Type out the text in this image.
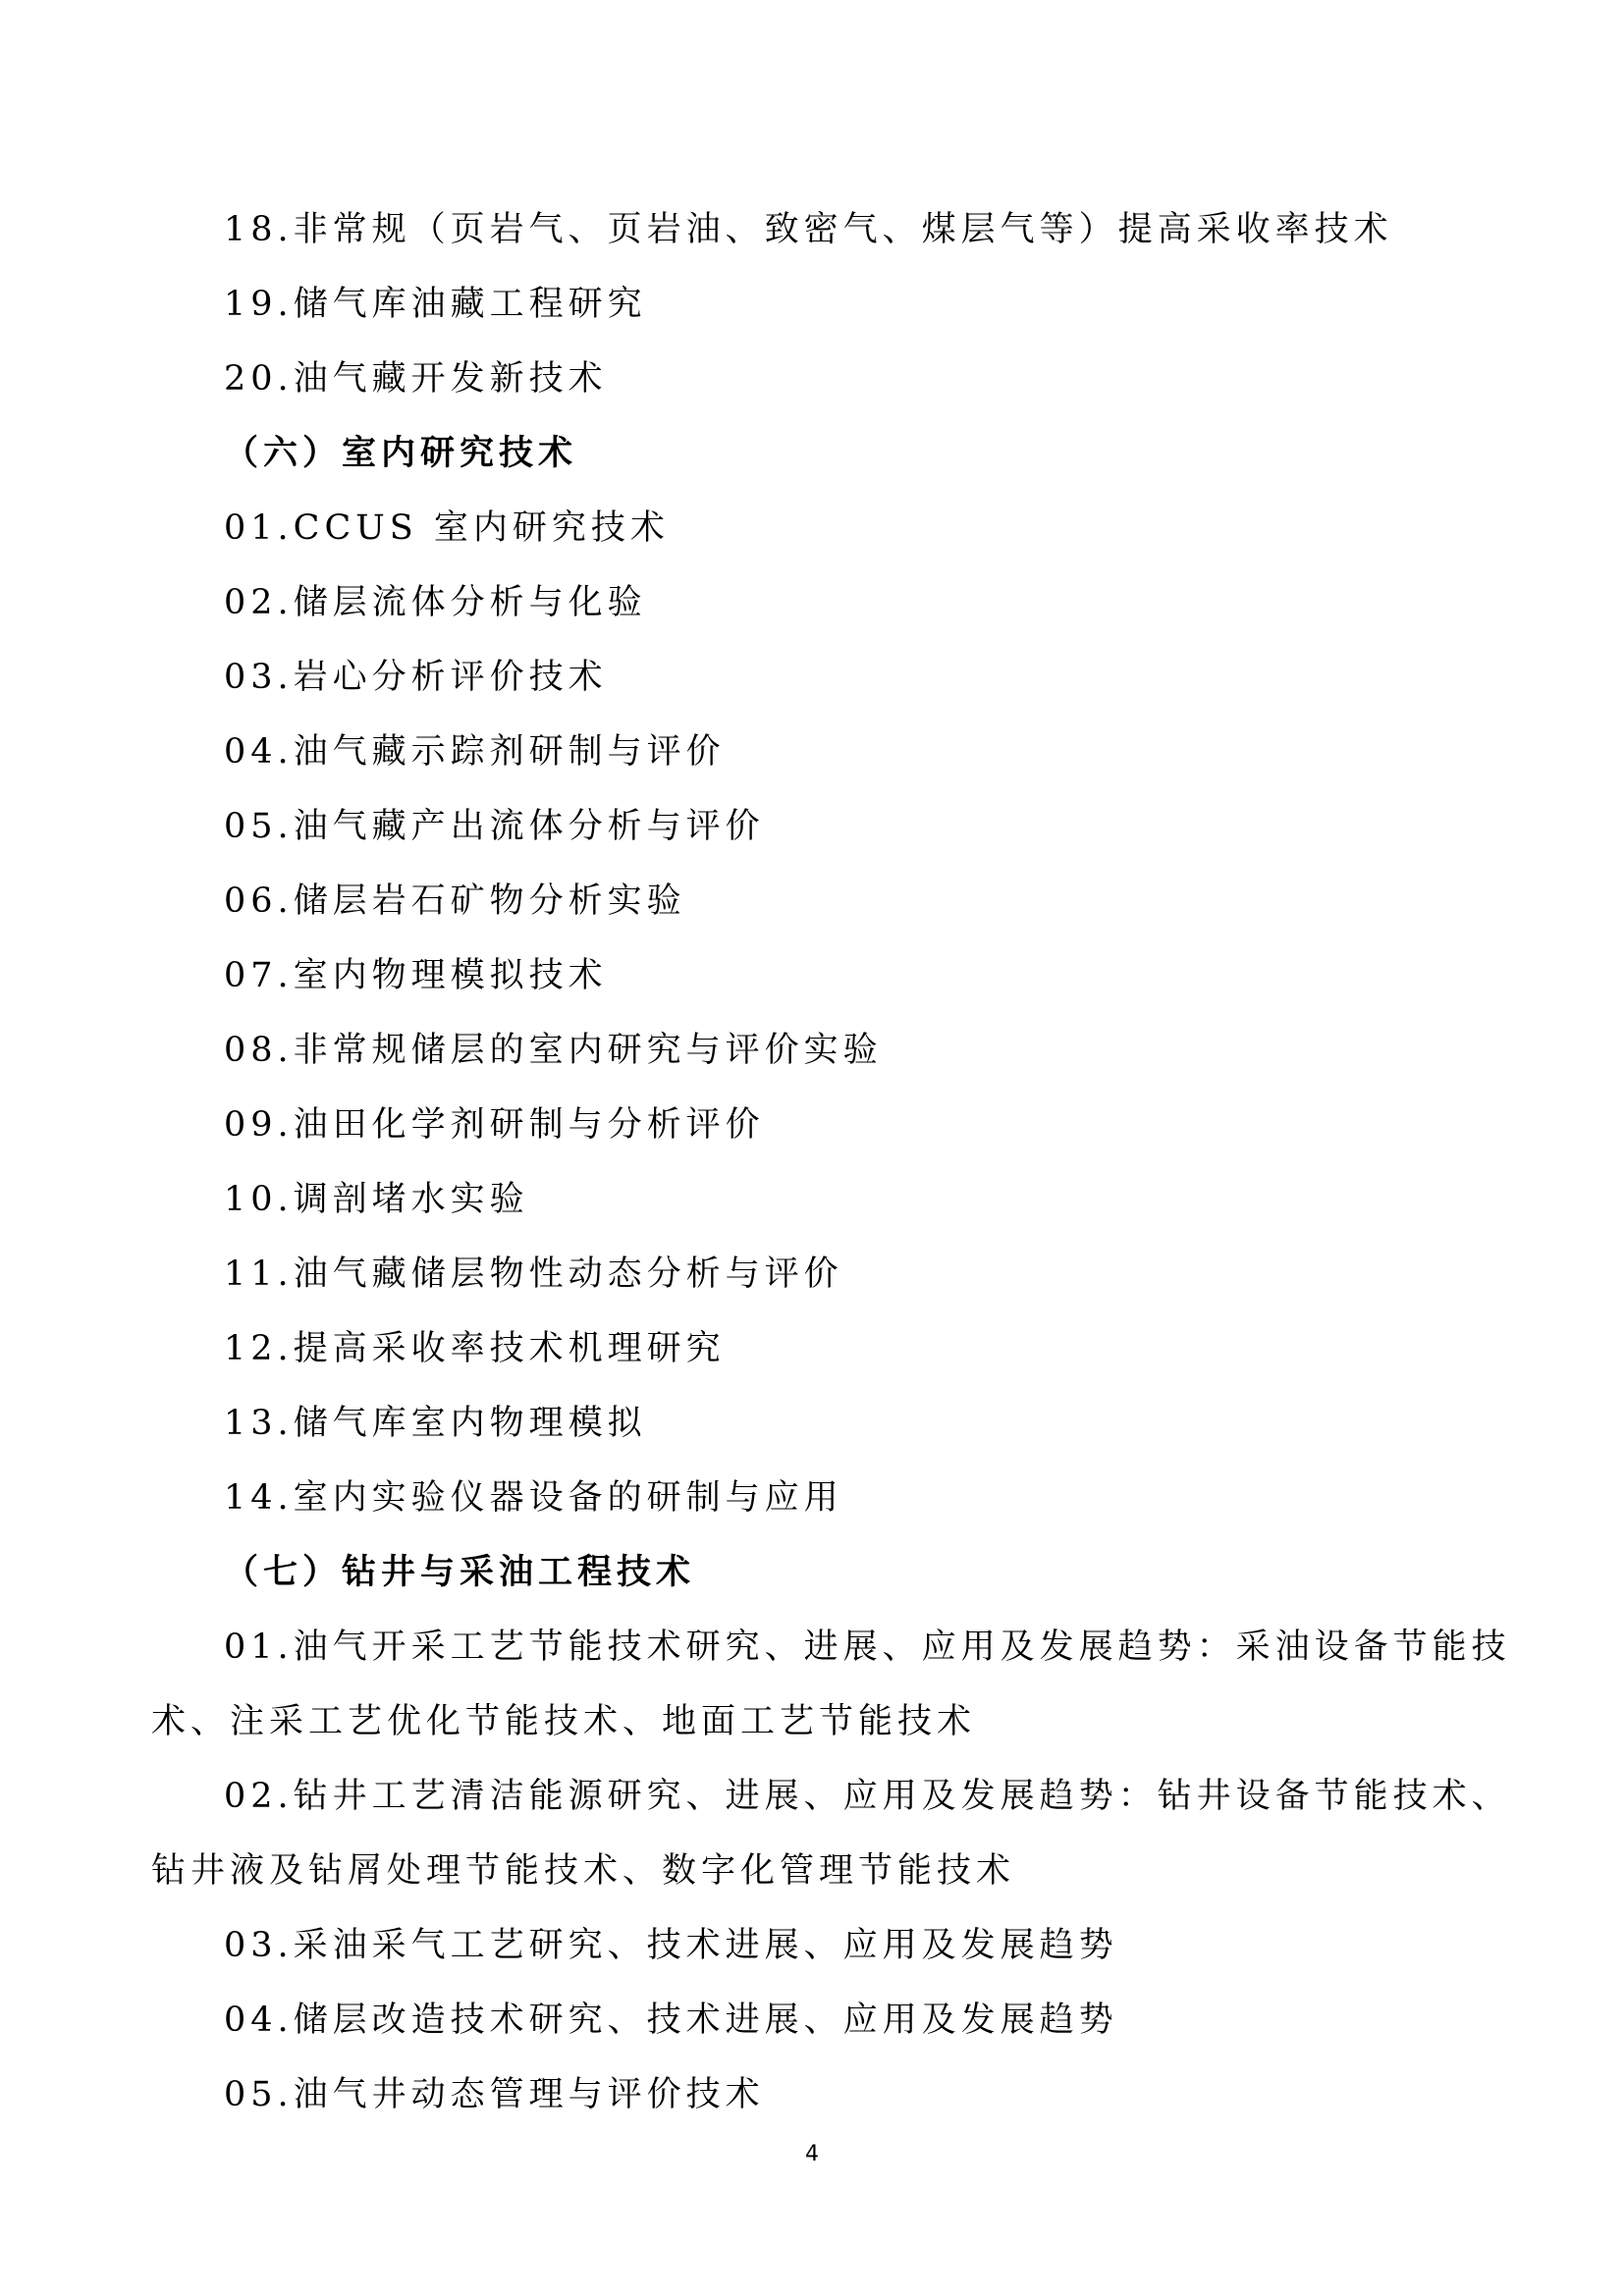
18.非常规（页岩气、页岩油、致密气、煤层气等）提高采收率技术
19.储气库油藏工程研究
20.油气藏开发新技术
（六）室内研究技术
01.CCUS 室内研究技术
02.储层流体分析与化验
03.岩心分析评价技术
04.油气藏示踪剂研制与评价
05.油气藏产出流体分析与评价
06.储层岩石矿物分析实验
07.室内物理模拟技术
08.非常规储层的室内研究与评价实验
09.油田化学剂研制与分析评价
10.调剖堵水实验
11.油气藏储层物性动态分析与评价
12.提高采收率技术机理研究
13.储气库室内物理模拟
14.室内实验仪器设备的研制与应用
（七）钻井与采油工程技术
01.油气开采工艺节能技术研究、进展、应用及发展趋势：采油设备节能技
术、注采工艺优化节能技术、地面工艺节能技术
02.钻井工艺清洁能源研究、进展、应用及发展趋势：钻井设备节能技术、
钻井液及钻屑处理节能技术、数字化管理节能技术
03.采油采气工艺研究、技术进展、应用及发展趋势
04.储层改造技术研究、技术进展、应用及发展趋势
05.油气井动态管理与评价技术
4
